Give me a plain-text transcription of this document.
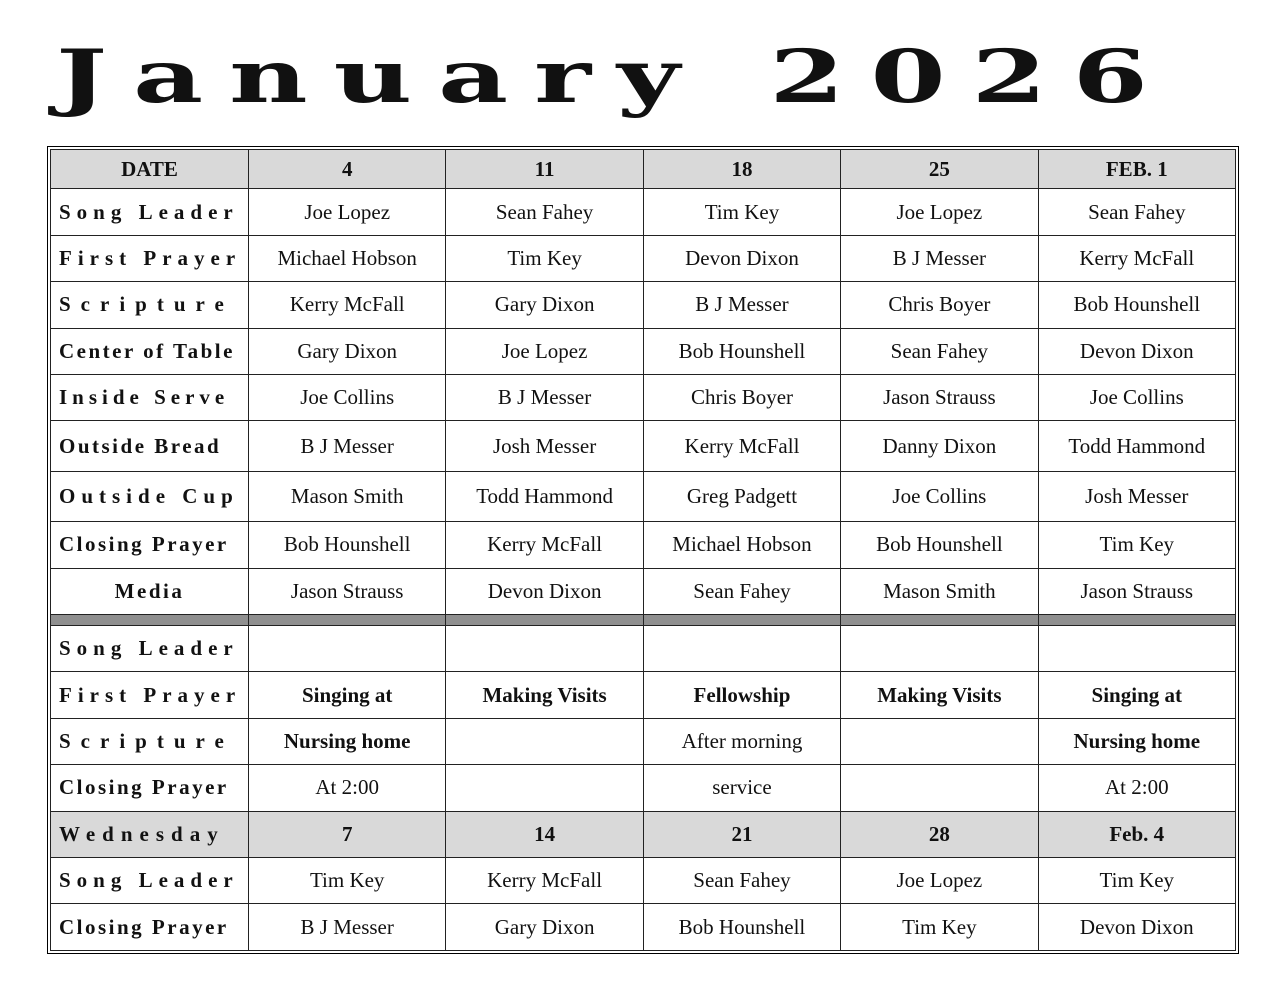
January 2026
DATE	4	11	18	25	FEB. 1
Song Leader	Joe Lopez	Sean Fahey	Tim Key	Joe Lopez	Sean Fahey
First Prayer	Michael Hobson	Tim Key	Devon Dixon	B J Messer	Kerry McFall
Scripture	Kerry McFall	Gary Dixon	B J Messer	Chris Boyer	Bob Hounshell
Center of Table	Gary Dixon	Joe Lopez	Bob Hounshell	Sean Fahey	Devon Dixon
Inside Serve	Joe Collins	B J Messer	Chris Boyer	Jason Strauss	Joe Collins
Outside Bread	B J Messer	Josh Messer	Kerry McFall	Danny Dixon	Todd Hammond
Outside Cup	Mason Smith	Todd Hammond	Greg Padgett	Joe Collins	Josh Messer
Closing Prayer	Bob Hounshell	Kerry McFall	Michael Hobson	Bob Hounshell	Tim Key
Media	Jason Strauss	Devon Dixon	Sean Fahey	Mason Smith	Jason Strauss

Song Leader					
First Prayer	Singing at	Making Visits	Fellowship	Making Visits	Singing at
Scripture	Nursing home		After morning		Nursing home
Closing Prayer	At 2:00		service		At 2:00
Wednesday	7	14	21	28	Feb. 4
Song Leader	Tim Key	Kerry McFall	Sean Fahey	Joe Lopez	Tim Key
Closing Prayer	B J Messer	Gary Dixon	Bob Hounshell	Tim Key	Devon Dixon
